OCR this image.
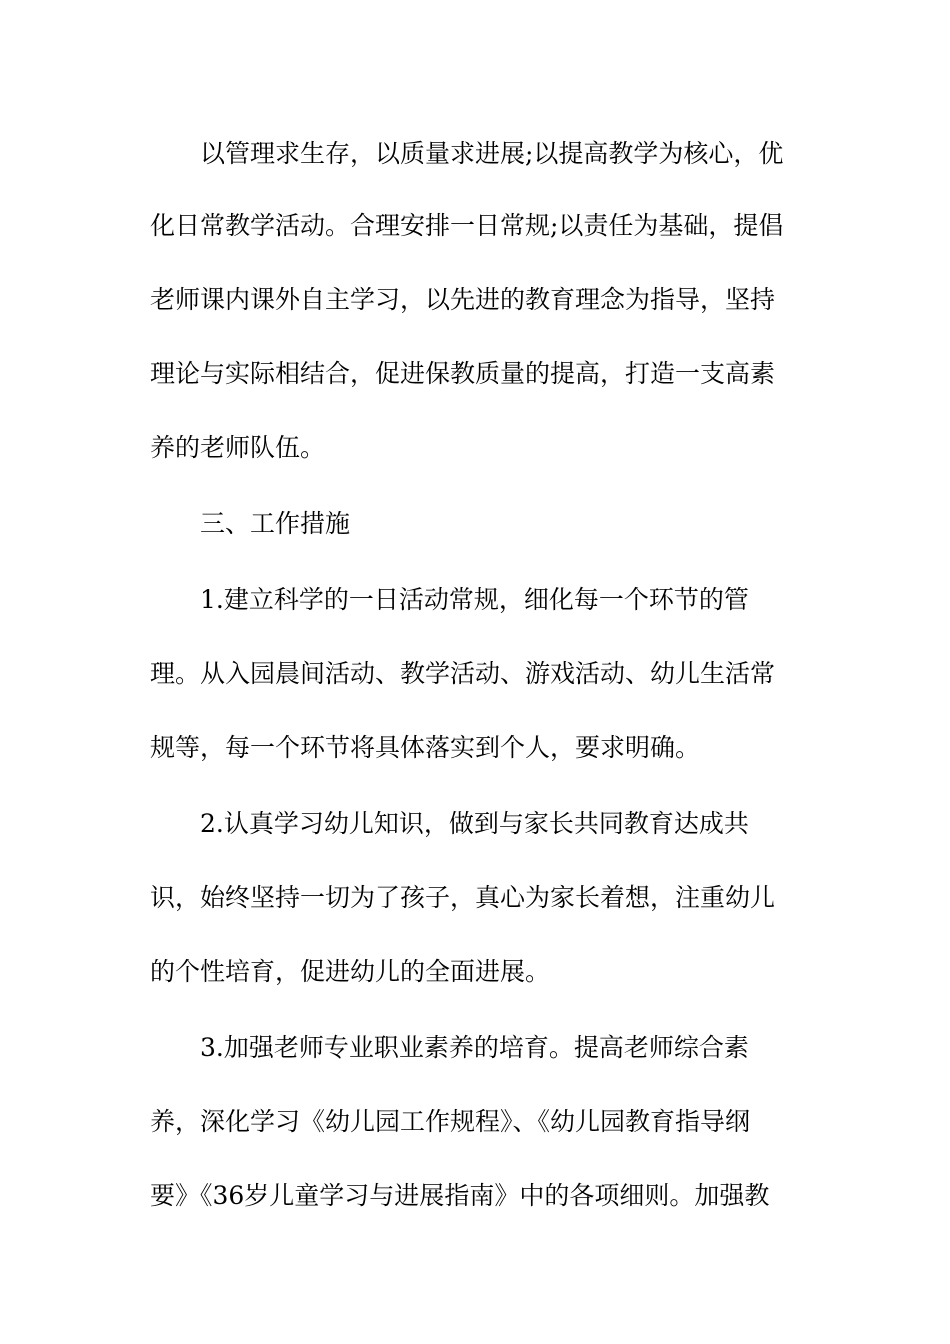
以管理求生存，以质量求进展;以提高教学为核心，优

化日常教学活动。合理安排一日常规;以责任为基础，提倡

老师课内课外自主学习，以先进的教育理念为指导，坚持

理论与实际相结合，促进保教质量的提高，打造一支高素

养的老师队伍。

三、工作措施

1.建立科学的一日活动常规，细化每一个环节的管

理。从入园晨间活动、教学活动、游戏活动、幼儿生活常

规等，每一个环节将具体落实到个人，要求明确。

2.认真学习幼儿知识，做到与家长共同教育达成共

识，始终坚持一切为了孩子，真心为家长着想，注重幼儿

的个性培育，促进幼儿的全面进展。

3.加强老师专业职业素养的培育。提高老师综合素

养，深化学习《幼儿园工作规程》、《幼儿园教育指导纲

要》《36岁儿童学习与进展指南》中的各项细则。加强教
